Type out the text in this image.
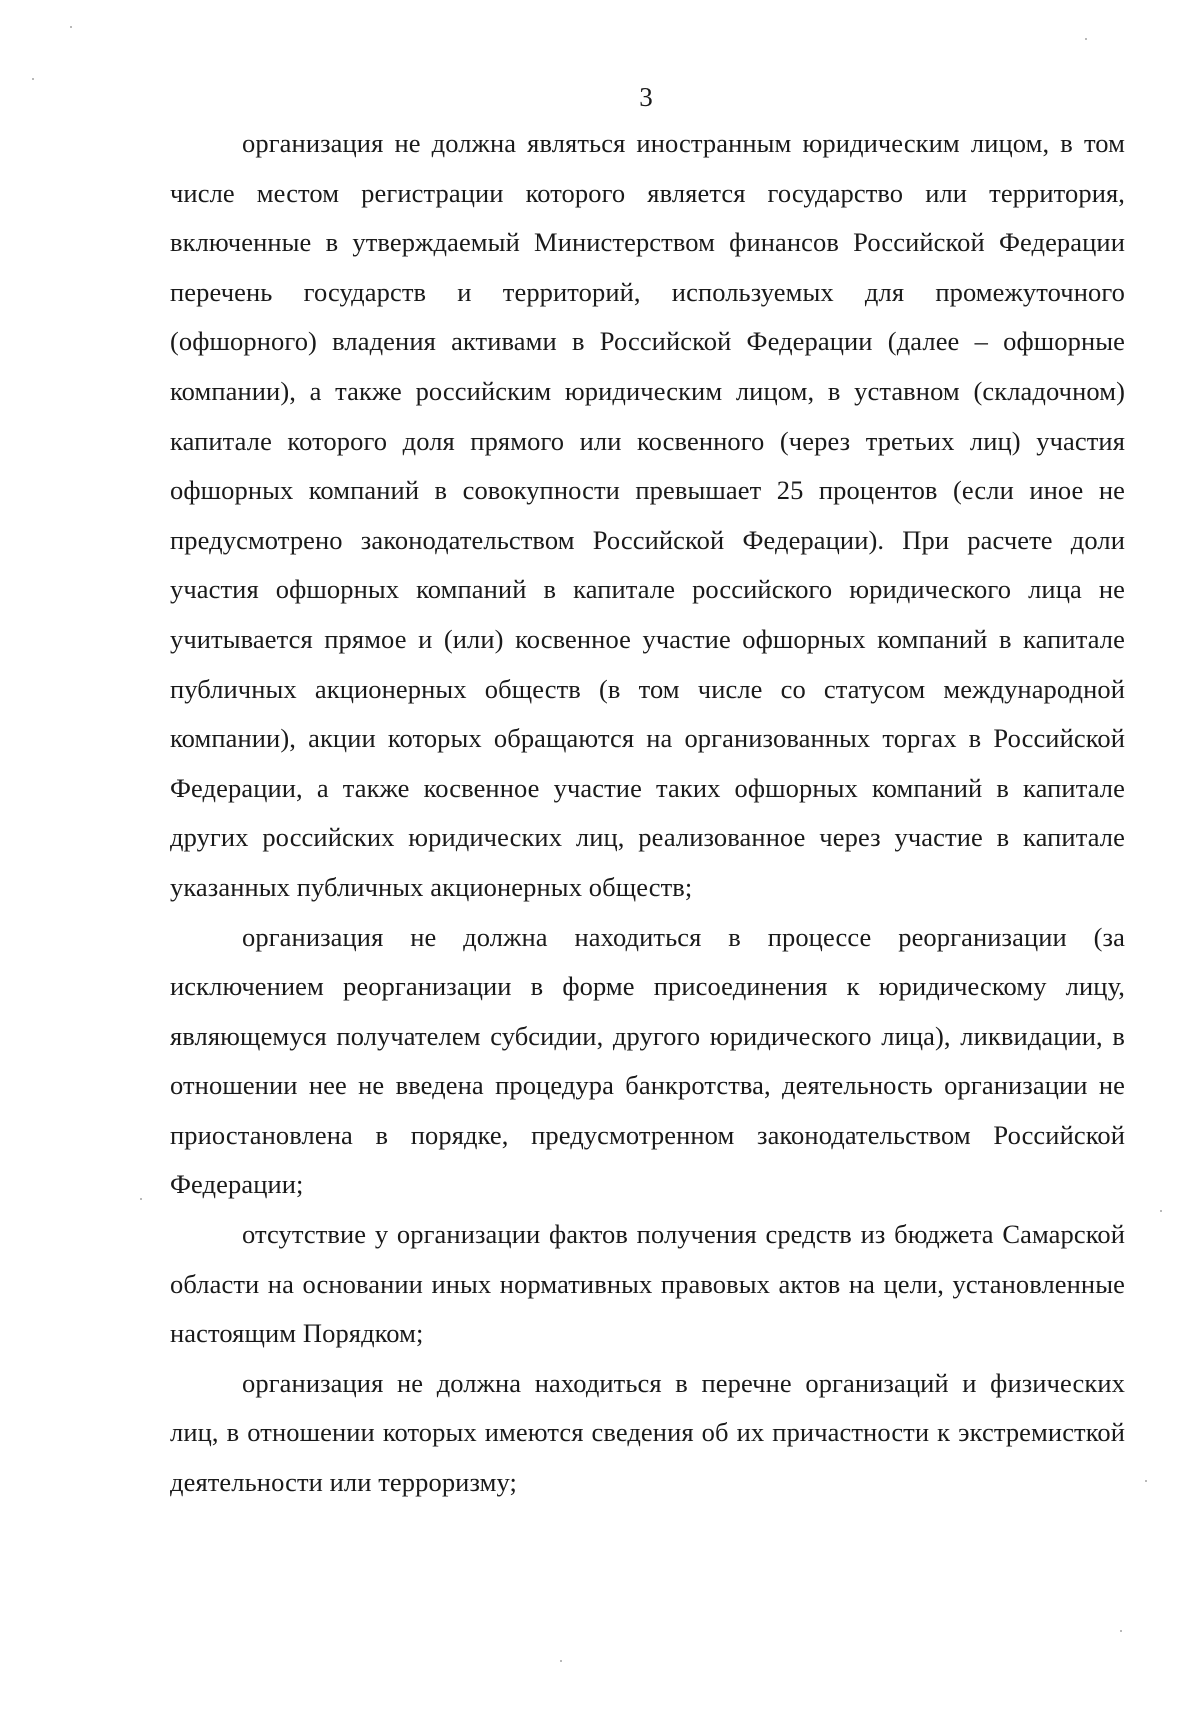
3

организация не должна являться иностранным юридическим лицом, в том числе местом регистрации которого является государство или территория, включенные в утверждаемый Министерством финансов Российской Федерации перечень государств и территорий, используемых для промежуточного (офшорного) владения активами в Российской Федерации (далее – офшорные компании), а также российским юридическим лицом, в уставном (складочном) капитале которого доля прямого или косвенного (через третьих лиц) участия офшорных компаний в совокупности превышает 25 процентов (если иное не предусмотрено законодательством Российской Федерации). При расчете доли участия офшорных компаний в капитале российского юридического лица не учитывается прямое и (или) косвенное участие офшорных компаний в капитале публичных акционерных обществ (в том числе со статусом международной компании), акции которых обращаются на организованных торгах в Российской Федерации, а также косвенное участие таких офшорных компаний в капитале других российских юридических лиц, реализованное через участие в капитале указанных публичных акционерных обществ;

организация не должна находиться в процессе реорганизации (за исключением реорганизации в форме присоединения к юридическому лицу, являющемуся получателем субсидии, другого юридического лица), ликвидации, в отношении нее не введена процедура банкротства, деятельность организации не приостановлена в порядке, предусмотренном законодательством Российской Федерации;

отсутствие у организации фактов получения средств из бюджета Самарской области на основании иных нормативных правовых актов на цели, установленные настоящим Порядком;

организация не должна находиться в перечне организаций и физических лиц, в отношении которых имеются сведения об их причастности к экстремисткой деятельности или терроризму;
